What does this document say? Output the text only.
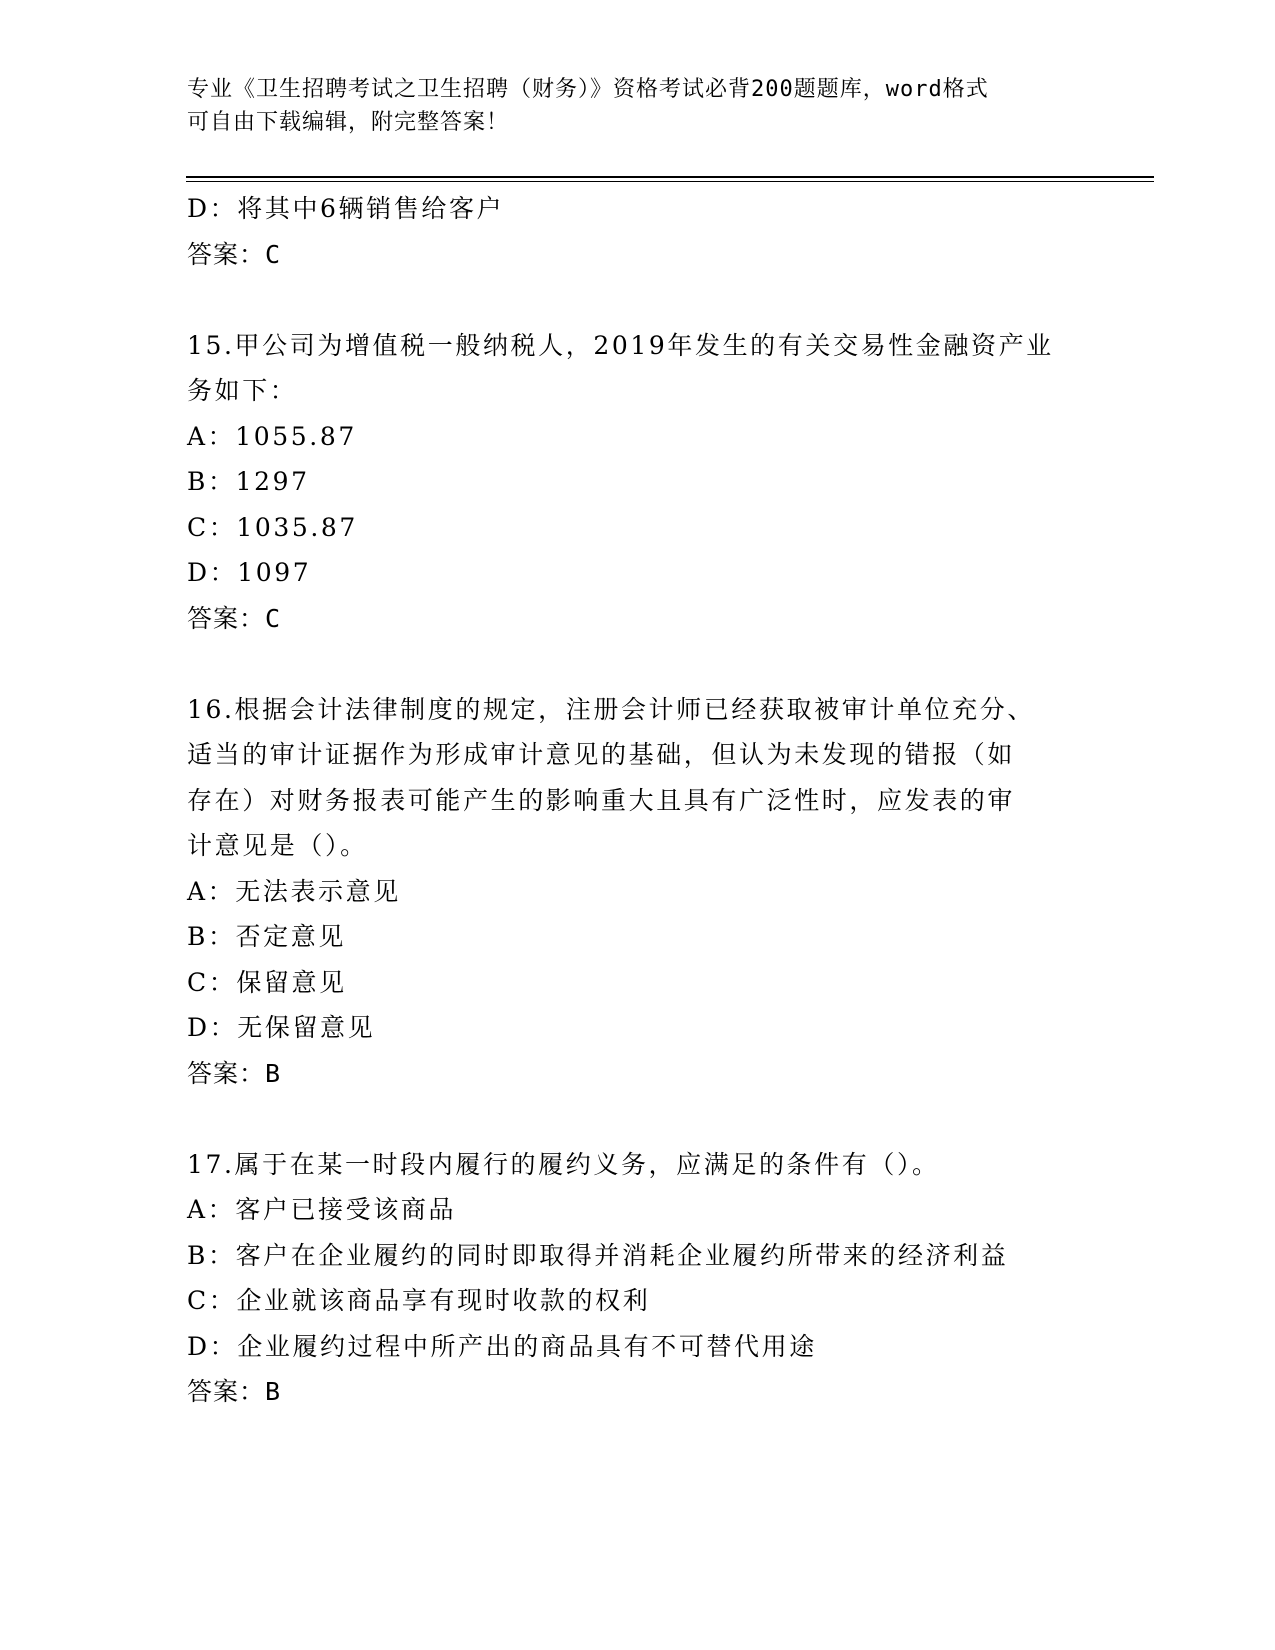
专业《卫生招聘考试之卫生招聘（财务）》资格考试必背200题题库，word格式
可自由下载编辑，附完整答案！
D：将其中6辆销售给客户
答案：C
15.甲公司为增值税一般纳税人，2019年发生的有关交易性金融资产业
务如下：
A：1055.87
B：1297
C：1035.87
D：1097
答案：C
16.根据会计法律制度的规定，注册会计师已经获取被审计单位充分、
适当的审计证据作为形成审计意见的基础，但认为未发现的错报（如
存在）对财务报表可能产生的影响重大且具有广泛性时，应发表的审
计意见是（）。
A：无法表示意见
B：否定意见
C：保留意见
D：无保留意见
答案：B
17.属于在某一时段内履行的履约义务，应满足的条件有（）。
A：客户已接受该商品
B：客户在企业履约的同时即取得并消耗企业履约所带来的经济利益
C：企业就该商品享有现时收款的权利
D：企业履约过程中所产出的商品具有不可替代用途
答案：B
